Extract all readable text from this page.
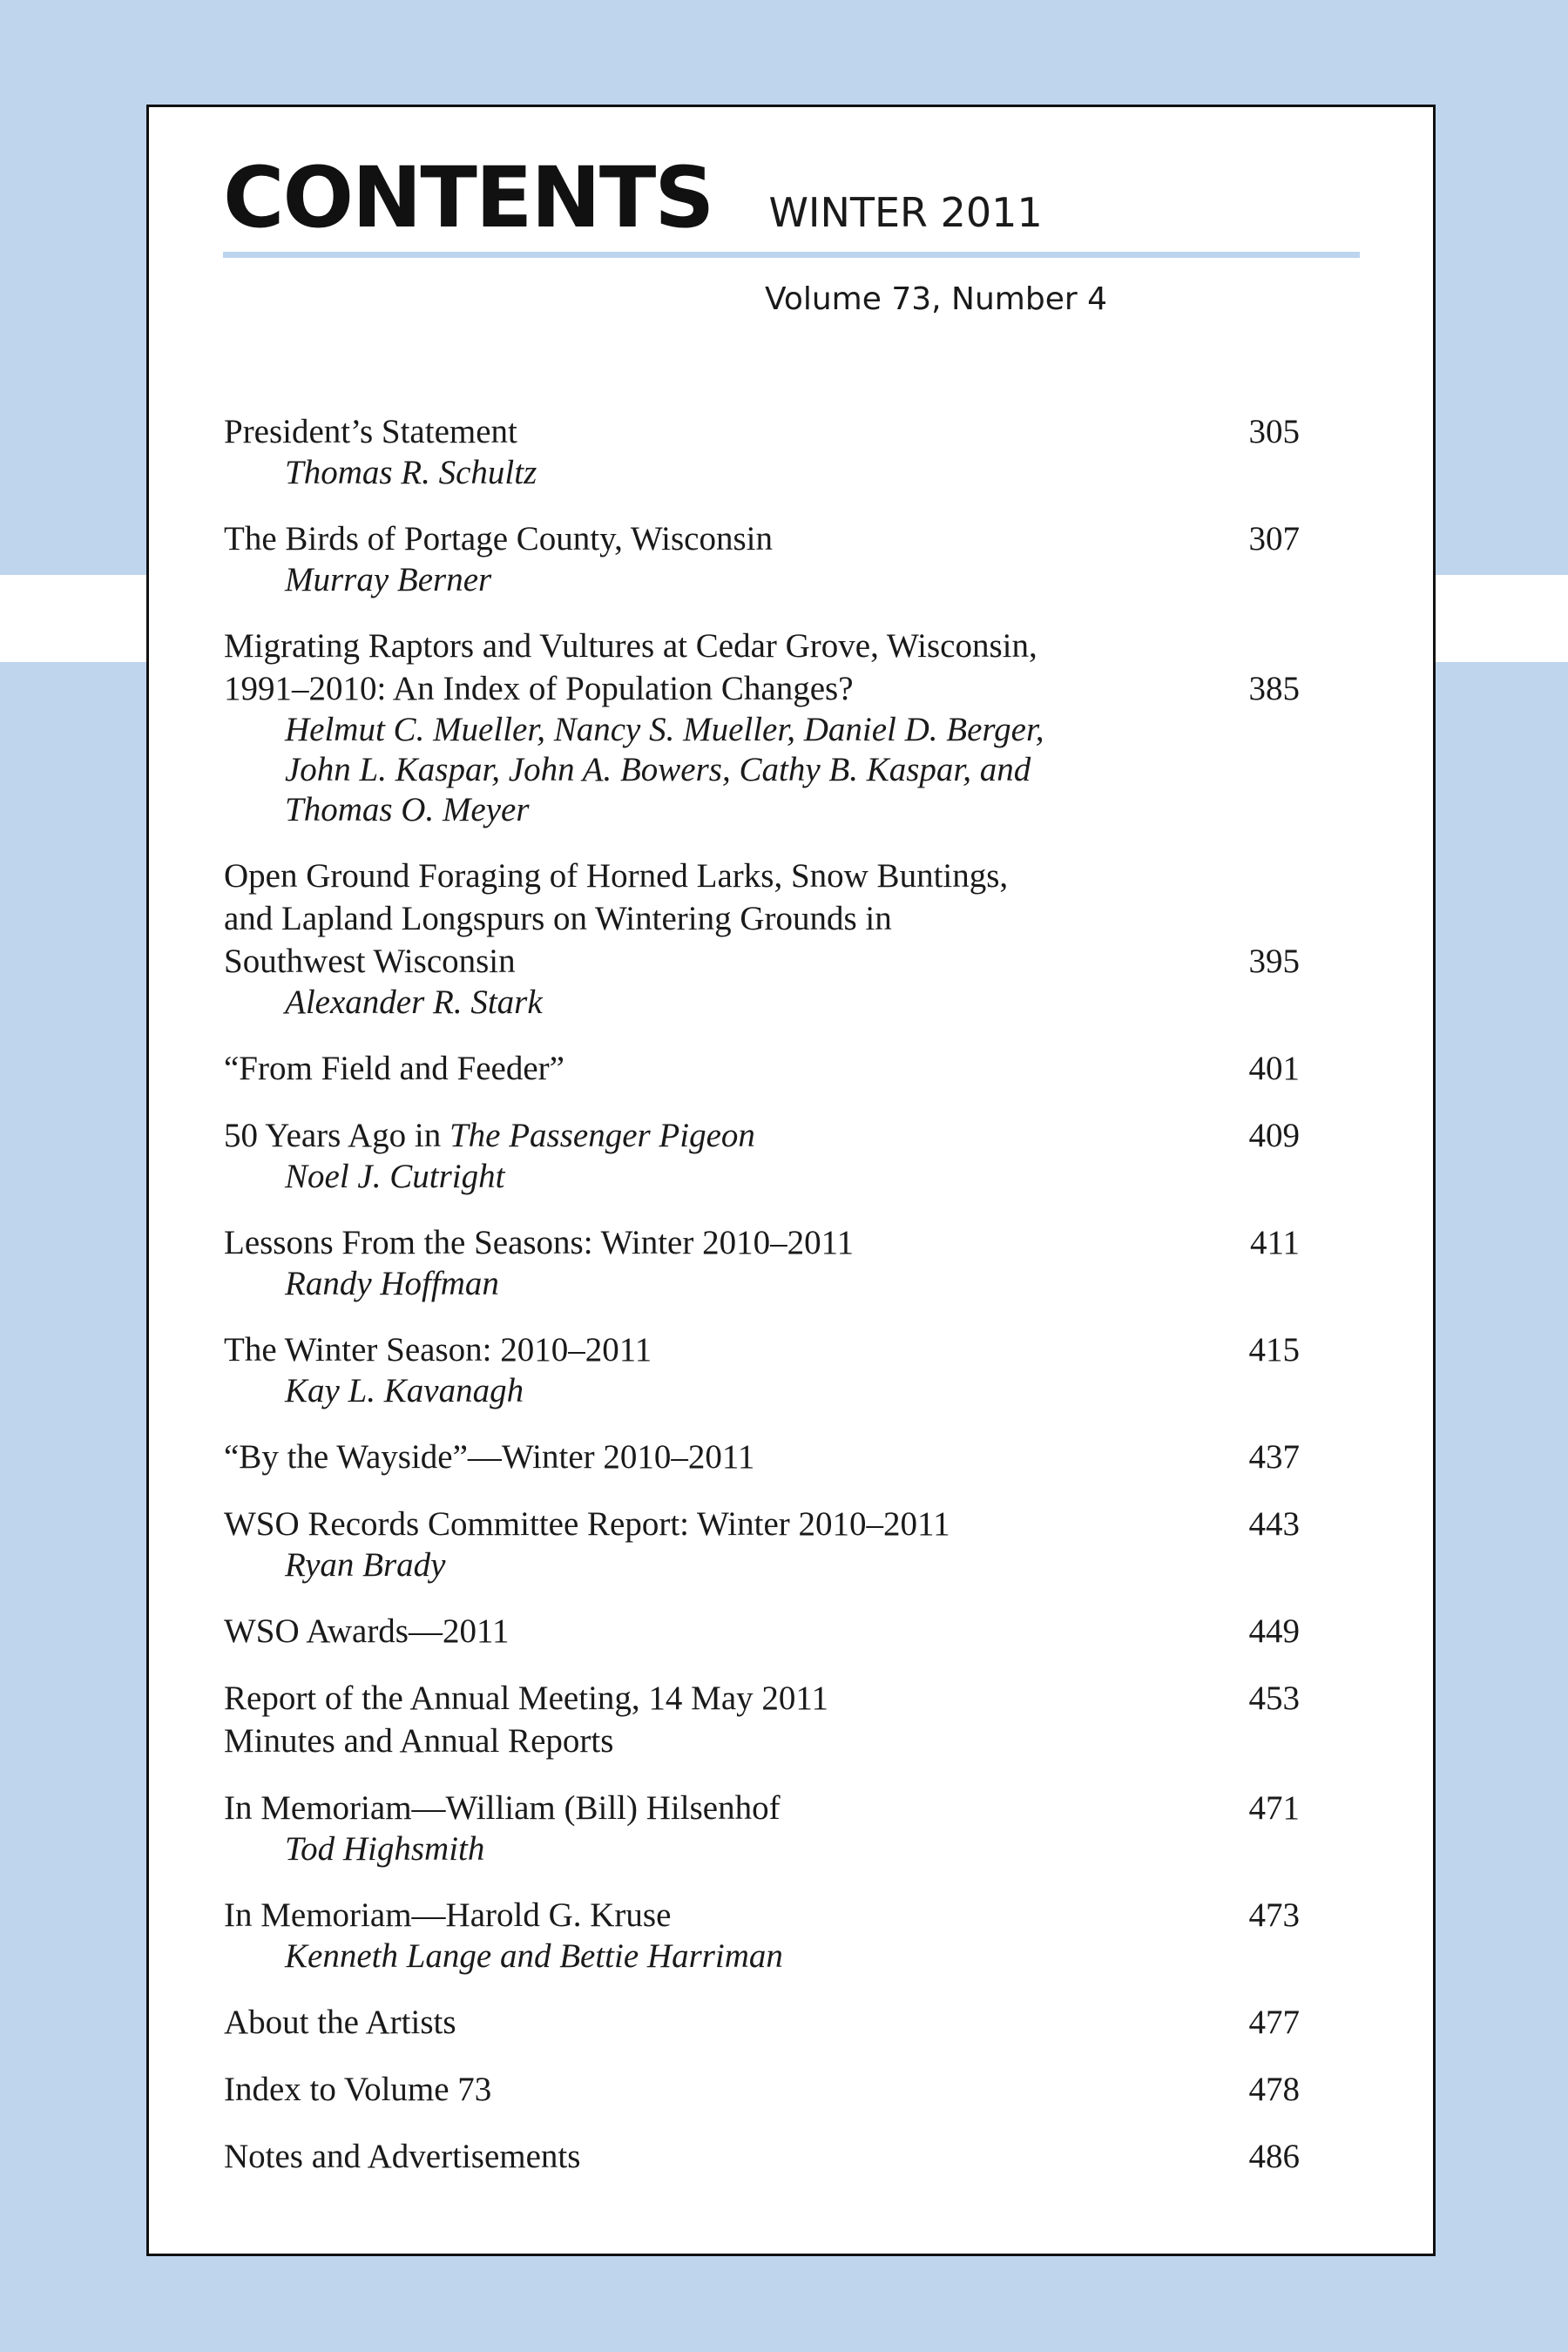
CONTENTS WINTER 2011
Volume 73, Number 4
President’s Statement	305
Thomas R. Schultz
The Birds of Portage County, Wisconsin	307
Murray Berner
Migrating Raptors and Vultures at Cedar Grove, Wisconsin,
1991–2010: An Index of Population Changes?	385
Helmut C. Mueller, Nancy S. Mueller, Daniel D. Berger,
John L. Kaspar, John A. Bowers, Cathy B. Kaspar, and
Thomas O. Meyer
Open Ground Foraging of Horned Larks, Snow Buntings,
and Lapland Longspurs on Wintering Grounds in
Southwest Wisconsin	395
Alexander R. Stark
“From Field and Feeder”	401
50 Years Ago in The Passenger Pigeon	409
Noel J. Cutright
Lessons From the Seasons: Winter 2010–2011	411
Randy Hoffman
The Winter Season: 2010–2011	415
Kay L. Kavanagh
“By the Wayside”—Winter 2010–2011	437
WSO Records Committee Report: Winter 2010–2011	443
Ryan Brady
WSO Awards—2011	449
Report of the Annual Meeting, 14 May 2011	453
Minutes and Annual Reports
In Memoriam—William (Bill) Hilsenhof	471
Tod Highsmith
In Memoriam—Harold G. Kruse	473
Kenneth Lange and Bettie Harriman
About the Artists	477
Index to Volume 73	478
Notes and Advertisements	486
